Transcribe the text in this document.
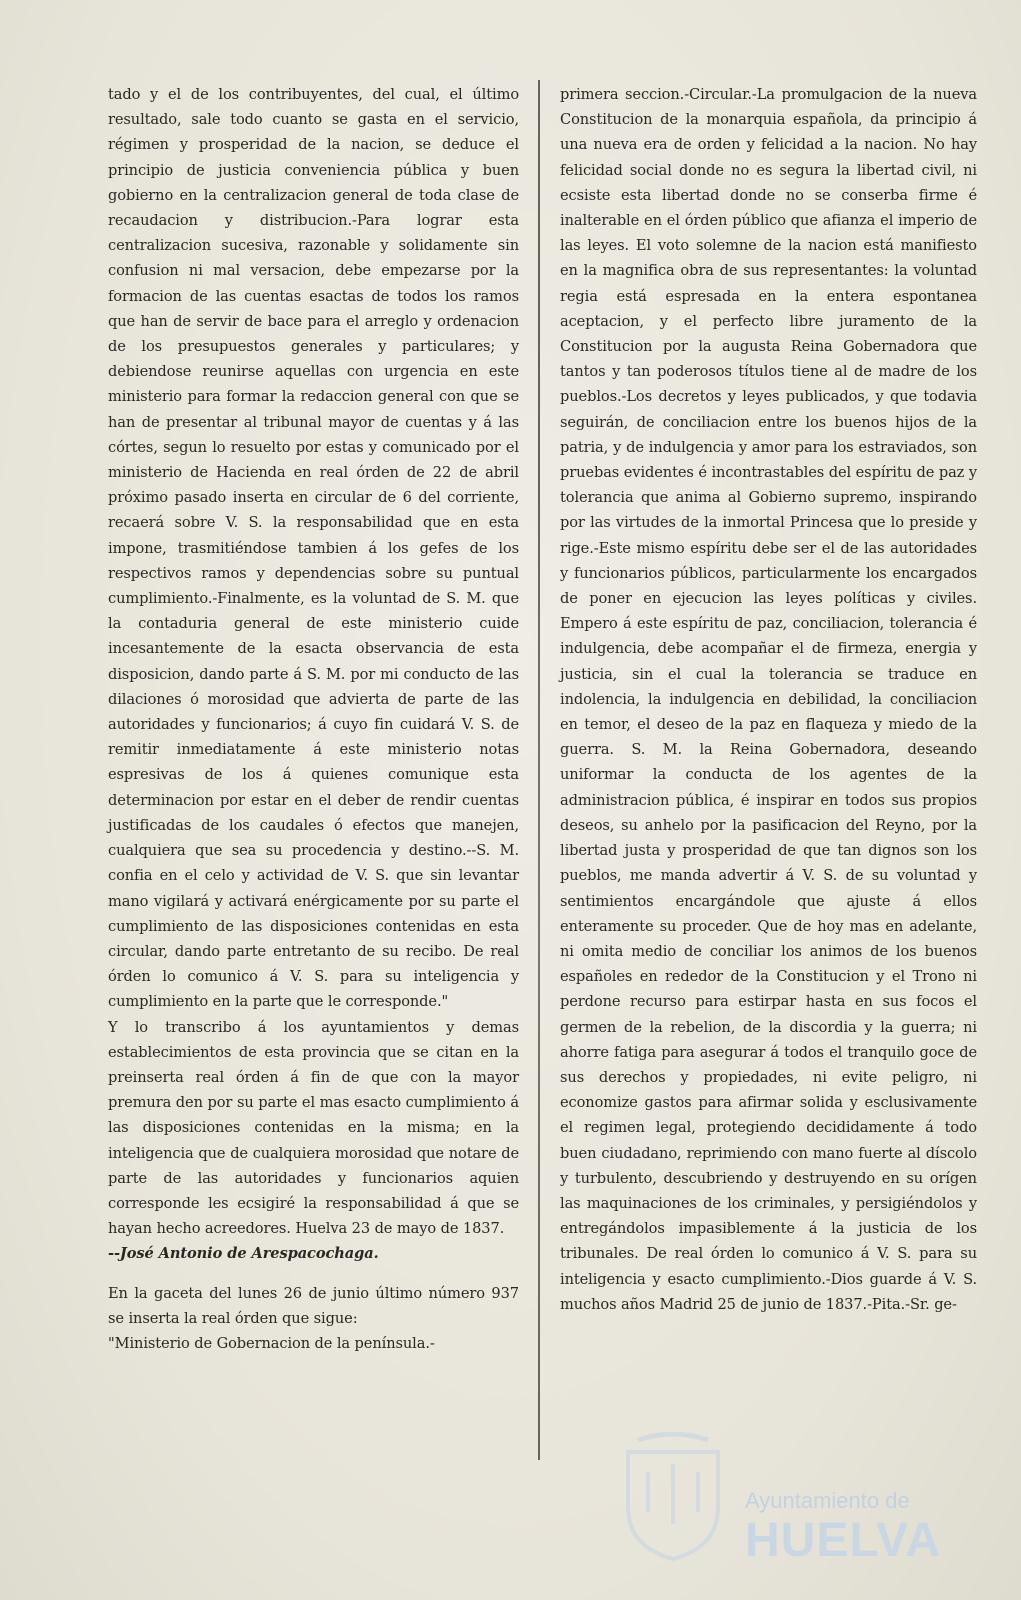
tado y el de los contribuyentes, del cual, el último resultado, sale todo cuanto se gasta en el servicio, régimen y prosperidad de la nacion, se deduce el principio de justicia conveniencia pública y buen gobierno en la centralizacion general de toda clase de recaudacion y distribucion.-Para lograr esta centralizacion sucesiva, razonable y solidamente sin confusion ni mal versacion, debe empezarse por la formacion de las cuentas esactas de todos los ramos que han de servir de bace para el arreglo y ordenacion de los presupuestos generales y particulares; y debiendose reunirse aquellas con urgencia en este ministerio para formar la redaccion general con que se han de presentar al tribunal mayor de cuentas y á las córtes, segun lo resuelto por estas y comunicado por el ministerio de Hacienda en real órden de 22 de abril próximo pasado inserta en circular de 6 del corriente, recaerá sobre V. S. la responsabilidad que en esta impone, trasmitiéndose tambien á los gefes de los respectivos ramos y dependencias sobre su puntual cumplimiento.-Finalmente, es la voluntad de S. M. que la contaduria general de este ministerio cuide incesantemente de la esacta observancia de esta disposicion, dando parte á S. M. por mi conducto de las dilaciones ó morosidad que advierta de parte de las autoridades y funcionarios; á cuyo fin cuidará V. S. de remitir inmediatamente á este ministerio notas espresivas de los á quienes comunique esta determinacion por estar en el deber de rendir cuentas justificadas de los caudales ó efectos que manejen, cualquiera que sea su procedencia y destino.--S. M. confia en el celo y actividad de V. S. que sin levantar mano vigilará y activará enérgicamente por su parte el cumplimiento de las disposiciones contenidas en esta circular, dando parte entretanto de su recibo. De real órden lo comunico á V. S. para su inteligencia y cumplimiento en la parte que le corresponde."

Y lo transcribo á los ayuntamientos y demas establecimientos de esta provincia que se citan en la preinserta real órden á fin de que con la mayor premura den por su parte el mas esacto cumplimiento á las disposiciones contenidas en la misma; en la inteligencia que de cualquiera morosidad que notare de parte de las autoridades y funcionarios aquien corresponde les ecsigiré la responsabilidad á que se hayan hecho acreedores. Huelva 23 de mayo de 1837.

--José Antonio de Arespacochaga.

En la gaceta del lunes 26 de junio último número 937 se inserta la real órden que sigue:

"Ministerio de Gobernacion de la península.-

primera seccion.-Circular.-La promulgacion de la nueva Constitucion de la monarquia española, da principio á una nueva era de orden y felicidad a la nacion. No hay felicidad social donde no es segura la libertad civil, ni ecsiste esta libertad donde no se conserba firme é inalterable en el órden público que afianza el imperio de las leyes. El voto solemne de la nacion está manifiesto en la magnifica obra de sus representantes: la voluntad regia está espresada en la entera espontanea aceptacion, y el perfecto libre juramento de la Constitucion por la augusta Reina Gobernadora que tantos y tan poderosos títulos tiene al de madre de los pueblos.-Los decretos y leyes publicados, y que todavia seguirán, de conciliacion entre los buenos hijos de la patria, y de indulgencia y amor para los estraviados, son pruebas evidentes é incontrastables del espíritu de paz y tolerancia que anima al Gobierno supremo, inspirando por las virtudes de la inmortal Princesa que lo preside y rige.-Este mismo espíritu debe ser el de las autoridades y funcionarios públicos, particularmente los encargados de poner en ejecucion las leyes políticas y civiles. Empero á este espíritu de paz, conciliacion, tolerancia é indulgencia, debe acompañar el de firmeza, energia y justicia, sin el cual la tolerancia se traduce en indolencia, la indulgencia en debilidad, la conciliacion en temor, el deseo de la paz en flaqueza y miedo de la guerra. S. M. la Reina Gobernadora, deseando uniformar la conducta de los agentes de la administracion pública, é inspirar en todos sus propios deseos, su anhelo por la pasificacion del Reyno, por la libertad justa y prosperidad de que tan dignos son los pueblos, me manda advertir á V. S. de su voluntad y sentimientos encargándole que ajuste á ellos enteramente su proceder. Que de hoy mas en adelante, ni omita medio de conciliar los animos de los buenos españoles en rededor de la Constitucion y el Trono ni perdone recurso para estirpar hasta en sus focos el germen de la rebelion, de la discordia y la guerra; ni ahorre fatiga para asegurar á todos el tranquilo goce de sus derechos y propiedades, ni evite peligro, ni economize gastos para afirmar solida y esclusivamente el regimen legal, protegiendo decididamente á todo buen ciudadano, reprimiendo con mano fuerte al díscolo y turbulento, descubriendo y destruyendo en su orígen las maquinaciones de los criminales, y persigiéndolos y entregándolos impasiblemente á la justicia de los tribunales. De real órden lo comunico á V. S. para su inteligencia y esacto cumplimiento.-Dios guarde á V. S. muchos años Madrid 25 de junio de 1837.-Pita.-Sr. ge-

Ayuntamiento de
HUELVA
